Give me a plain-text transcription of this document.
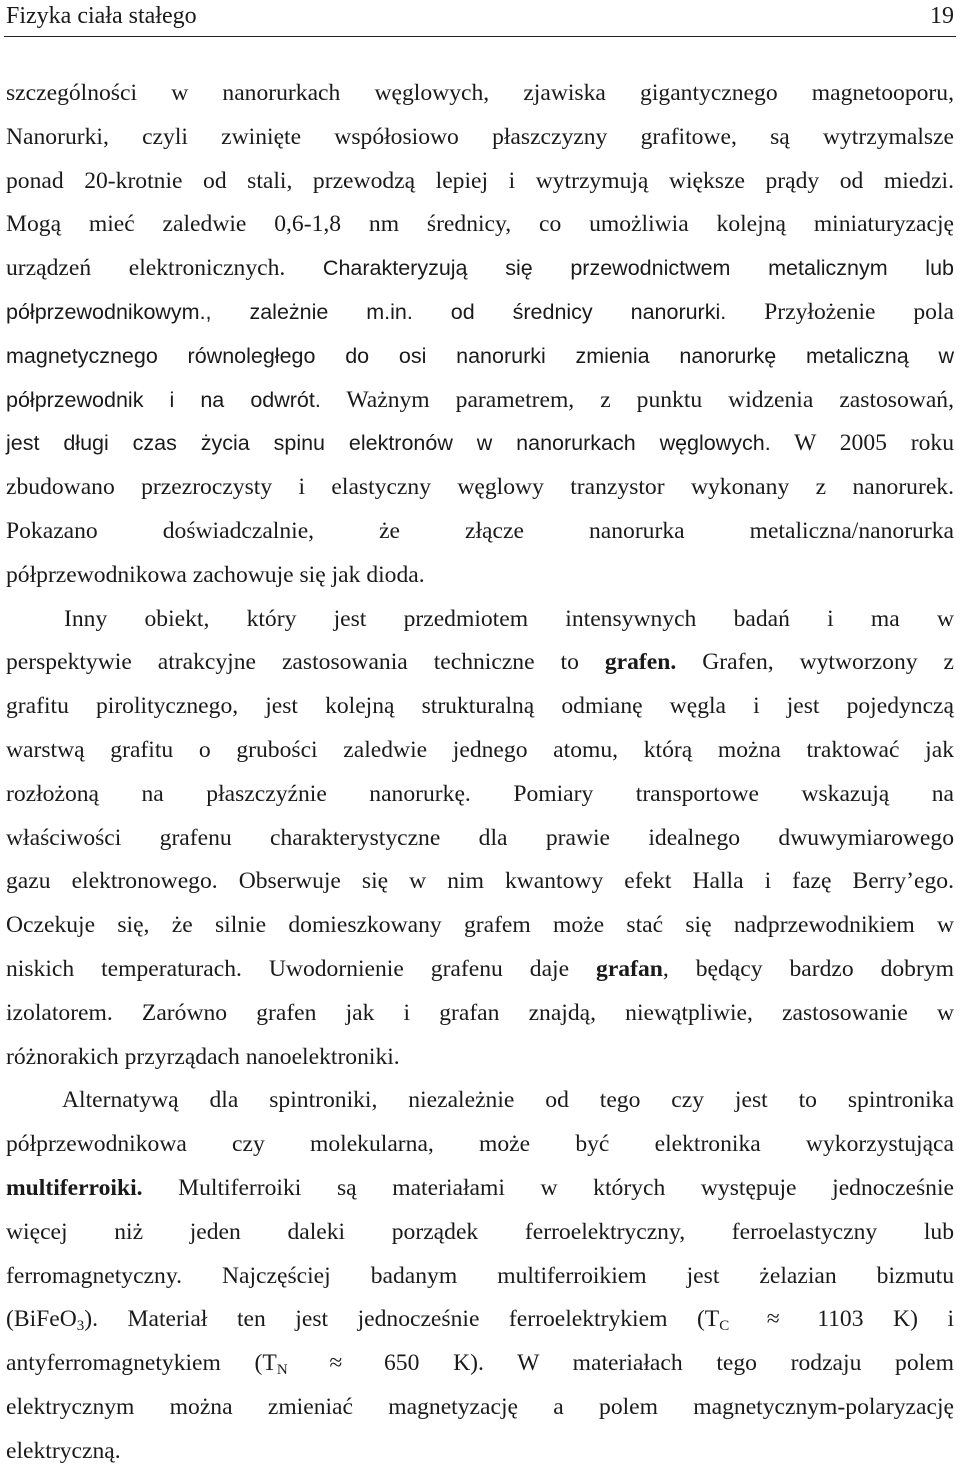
Fizyka ciała stałego	19
szczególności w nanorurkach węglowych, zjawiska gigantycznego magnetooporu,
Nanorurki, czyli zwinięte współosiowo płaszczyzny grafitowe, są wytrzymalsze
ponad 20-krotnie od stali, przewodzą lepiej i wytrzymują większe prądy od miedzi.
Mogą mieć zaledwie 0,6-1,8 nm średnicy, co umożliwia kolejną miniaturyzację
urządzeń elektronicznych. Charakteryzują się przewodnictwem metalicznym lub
półprzewodnikowym., zależnie m.in. od średnicy nanorurki. Przyłożenie pola
magnetycznego równoległego do osi nanorurki zmienia nanorurkę metaliczną w
półprzewodnik i na odwrót. Ważnym parametrem, z punktu widzenia zastosowań,
jest długi czas życia spinu elektronów w nanorurkach węglowych. W 2005 roku
zbudowano przezroczysty i elastyczny węglowy tranzystor wykonany z nanorurek.
Pokazano doświadczalnie, że złącze nanorurka metaliczna/nanorurka
półprzewodnikowa zachowuje się jak dioda.
Inny obiekt, który jest przedmiotem intensywnych badań i ma w
perspektywie atrakcyjne zastosowania techniczne to grafen. Grafen, wytworzony z
grafitu pirolitycznego, jest kolejną strukturalną odmianę węgla i jest pojedynczą
warstwą grafitu o grubości zaledwie jednego atomu, którą można traktować jak
rozłożoną na płaszczyźnie nanorurkę. Pomiary transportowe wskazują na
właściwości grafenu charakterystyczne dla prawie idealnego dwuwymiarowego
gazu elektronowego. Obserwuje się w nim kwantowy efekt Halla i fazę Berry’ego.
Oczekuje się, że silnie domieszkowany grafem może stać się nadprzewodnikiem w
niskich temperaturach. Uwodornienie grafenu daje grafan, będący bardzo dobrym
izolatorem. Zarówno grafen jak i grafan znajdą, niewątpliwie, zastosowanie w
różnorakich przyrządach nanoelektroniki.
Alternatywą dla spintroniki, niezależnie od tego czy jest to spintronika
półprzewodnikowa czy molekularna, może być elektronika wykorzystująca
multiferroiki. Multiferroiki są materiałami w których występuje jednocześnie
więcej niż jeden daleki porządek ferroelektryczny, ferroelastyczny lub
ferromagnetyczny. Najczęściej badanym multiferroikiem jest żelazian bizmutu
(BiFeO$_3$). Materiał ten jest jednocześnie ferroelektrykiem ($T_C \approx 1103$ K) i
antyferromagnetykiem ($T_N \approx 650$ K). W materiałach tego rodzaju polem
elektrycznym można zmieniać magnetyzację a polem magnetycznym-polaryzację
elektryczną.
